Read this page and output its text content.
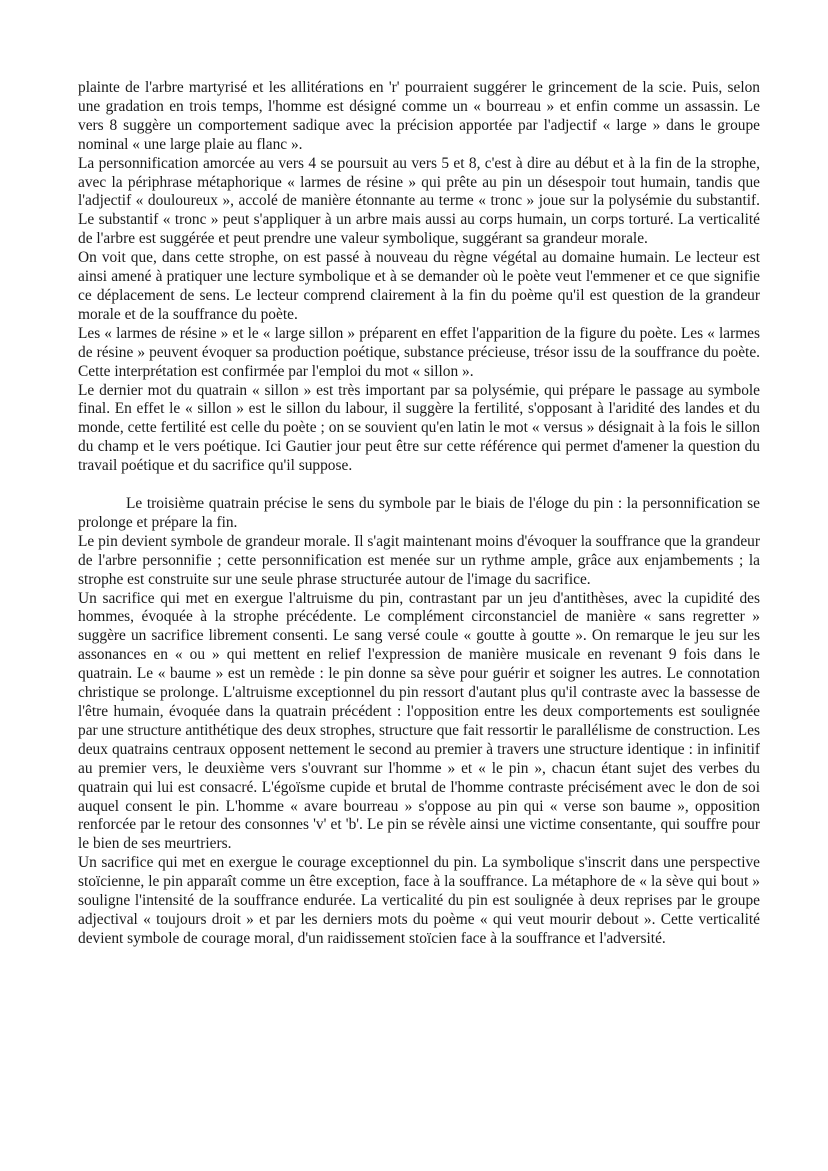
plainte de l'arbre martyrisé et les allitérations en 'r' pourraient suggérer le grincement de la scie. Puis, selon une gradation en trois temps, l'homme est désigné comme un « bourreau » et enfin comme un assassin. Le vers 8 suggère un comportement sadique avec la précision apportée par l'adjectif « large » dans le groupe nominal « une large plaie au flanc ».

La personnification amorcée au vers 4 se poursuit au vers 5 et 8, c'est à dire au début et à la fin de la strophe, avec la périphrase métaphorique « larmes de résine » qui prête au pin un désespoir tout humain, tandis que l'adjectif « douloureux », accolé de manière étonnante au terme « tronc » joue sur la polysémie du substantif. Le substantif « tronc » peut s'appliquer à un arbre mais aussi au corps humain, un corps torturé. La verticalité de l'arbre est suggérée et peut prendre une valeur symbolique, suggérant sa grandeur morale.

On voit que, dans cette strophe, on est passé à nouveau du règne végétal au domaine humain. Le lecteur est ainsi amené à pratiquer une lecture symbolique et à se demander où le poète veut l'emmener et ce que signifie ce déplacement de sens. Le lecteur comprend clairement à la fin du poème qu'il est question de la grandeur morale et de la souffrance du poète.

Les « larmes de résine » et le « large sillon » préparent en effet l'apparition de la figure du poète. Les « larmes de résine » peuvent évoquer sa production poétique, substance précieuse, trésor issu de la souffrance du poète. Cette interprétation est confirmée par l'emploi du mot « sillon ».

Le dernier mot du quatrain « sillon » est très important par sa polysémie, qui prépare le passage au symbole final. En effet le « sillon » est le sillon du labour, il suggère la fertilité, s'opposant à l'aridité des landes et du monde, cette fertilité est celle du poète ; on se souvient qu'en latin le mot « versus » désignait à la fois le sillon du champ et le vers poétique. Ici Gautier jour peut être sur cette référence qui permet d'amener la question du travail poétique et du sacrifice qu'il suppose.

Le troisième quatrain précise le sens du symbole par le biais de l'éloge du pin : la personnification se prolonge et prépare la fin.

Le pin devient symbole de grandeur morale. Il s'agit maintenant moins d'évoquer la souffrance que la grandeur de l'arbre personnifie ; cette personnification est menée sur un rythme ample, grâce aux enjambements ; la strophe est construite sur une seule phrase structurée autour de l'image du sacrifice.

Un sacrifice qui met en exergue l'altruisme du pin, contrastant par un jeu d'antithèses, avec la cupidité des hommes, évoquée à la strophe précédente. Le complément circonstanciel de manière « sans regretter » suggère un sacrifice librement consenti. Le sang versé coule « goutte à goutte ». On remarque le jeu sur les assonances en « ou » qui mettent en relief l'expression de manière musicale en revenant 9 fois dans le quatrain. Le « baume » est un remède : le pin donne sa sève pour guérir et soigner les autres. Le connotation christique se prolonge. L'altruisme exceptionnel du pin ressort d'autant plus qu'il contraste avec la bassesse de l'être humain, évoquée dans la quatrain précédent : l'opposition entre les deux comportements est soulignée par une structure antithétique des deux strophes, structure que fait ressortir le parallélisme de construction. Les deux quatrains centraux opposent nettement le second au premier à travers une structure identique : in infinitif au premier vers, le deuxième vers s'ouvrant sur l'homme » et « le pin », chacun étant sujet des verbes du quatrain qui lui est consacré. L'égoïsme cupide et brutal de l'homme contraste précisément avec le don de soi auquel consent le pin. L'homme « avare bourreau » s'oppose au pin qui « verse son baume », opposition renforcée par le retour des consonnes 'v' et 'b'. Le pin se révèle ainsi une victime consentante, qui souffre pour le bien de ses meurtriers.

Un sacrifice qui met en exergue le courage exceptionnel du pin. La symbolique s'inscrit dans une perspective stoïcienne, le pin apparaît comme un être exception, face à la souffrance. La métaphore de « la sève qui bout » souligne l'intensité de la souffrance endurée. La verticalité du pin est soulignée à deux reprises par le groupe adjectival « toujours droit » et par les derniers mots du poème « qui veut mourir debout ». Cette verticalité devient symbole de courage moral, d'un raidissement stoïcien face à la souffrance et l'adversité.
